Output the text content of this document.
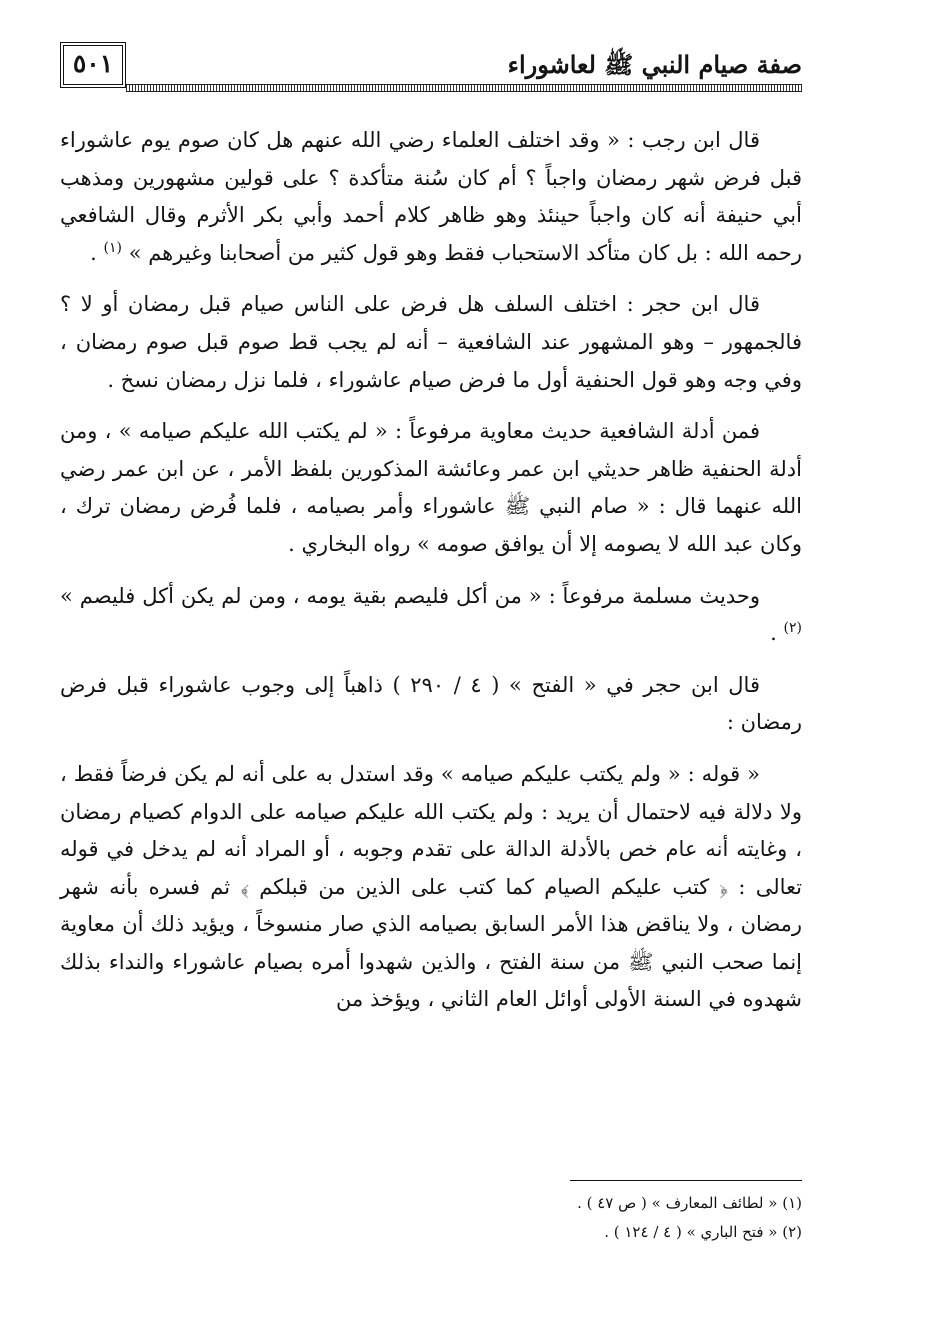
٥٠١	صفة صيام النبي ﷺ لعاشوراء

قال ابن رجب : « وقد اختلف العلماء رضي الله عنهم هل كان صوم يوم عاشوراء قبل فرض شهر رمضان واجباً ؟ أم كان سُنة متأكدة ؟ على قولين مشهورين ومذهب أبي حنيفة أنه كان واجباً حينئذ وهو ظاهر كلام أحمد وأبي بكر الأثرم وقال الشافعي رحمه الله : بل كان متأكد الاستحباب فقط وهو قول كثير من أصحابنا وغيرهم » $^{(١)}$ .

قال ابن حجر : اختلف السلف هل فرض على الناس صيام قبل رمضان أو لا ؟ فالجمهور – وهو المشهور عند الشافعية – أنه لم يجب قط صوم قبل صوم رمضان ، وفي وجه وهو قول الحنفية أول ما فرض صيام عاشوراء ، فلما نزل رمضان نسخ .

فمن أدلة الشافعية حديث معاوية مرفوعاً : « لم يكتب الله عليكم صيامه » ، ومن أدلة الحنفية ظاهر حديثي ابن عمر وعائشة المذكورين بلفظ الأمر ، عن ابن عمر رضي الله عنهما قال : « صام النبي ﷺ عاشوراء وأمر بصيامه ، فلما فُرض رمضان ترك ، وكان عبد الله لا يصومه إلا أن يوافق صومه » رواه البخاري .

وحديث مسلمة مرفوعاً : « من أكل فليصم بقية يومه ، ومن لم يكن أكل فليصم » $^{(٢)}$ .

قال ابن حجر في « الفتح » ( ٤ / ٢٩٠ ) ذاهباً إلى وجوب عاشوراء قبل فرض رمضان :

« قوله : « ولم يكتب عليكم صيامه » وقد استدل به على أنه لم يكن فرضاً فقط ، ولا دلالة فيه لاحتمال أن يريد : ولم يكتب الله عليكم صيامه على الدوام كصيام رمضان ، وغايته أنه عام خص بالأدلة الدالة على تقدم وجوبه ، أو المراد أنه لم يدخل في قوله تعالى : ﴿ كتب عليكم الصيام كما كتب على الذين من قبلكم ﴾ ثم فسره بأنه شهر رمضان ، ولا يناقض هذا الأمر السابق بصيامه الذي صار منسوخاً ، ويؤيد ذلك أن معاوية إنما صحب النبي ﷺ من سنة الفتح ، والذين شهدوا أمره بصيام عاشوراء والنداء بذلك شهدوه في السنة الأولى أوائل العام الثاني ، ويؤخذ من

(١) « لطائف المعارف » ( ص ٤٧ ) .

(٢) « فتح الباري » ( ٤ / ١٢٤ ) .
